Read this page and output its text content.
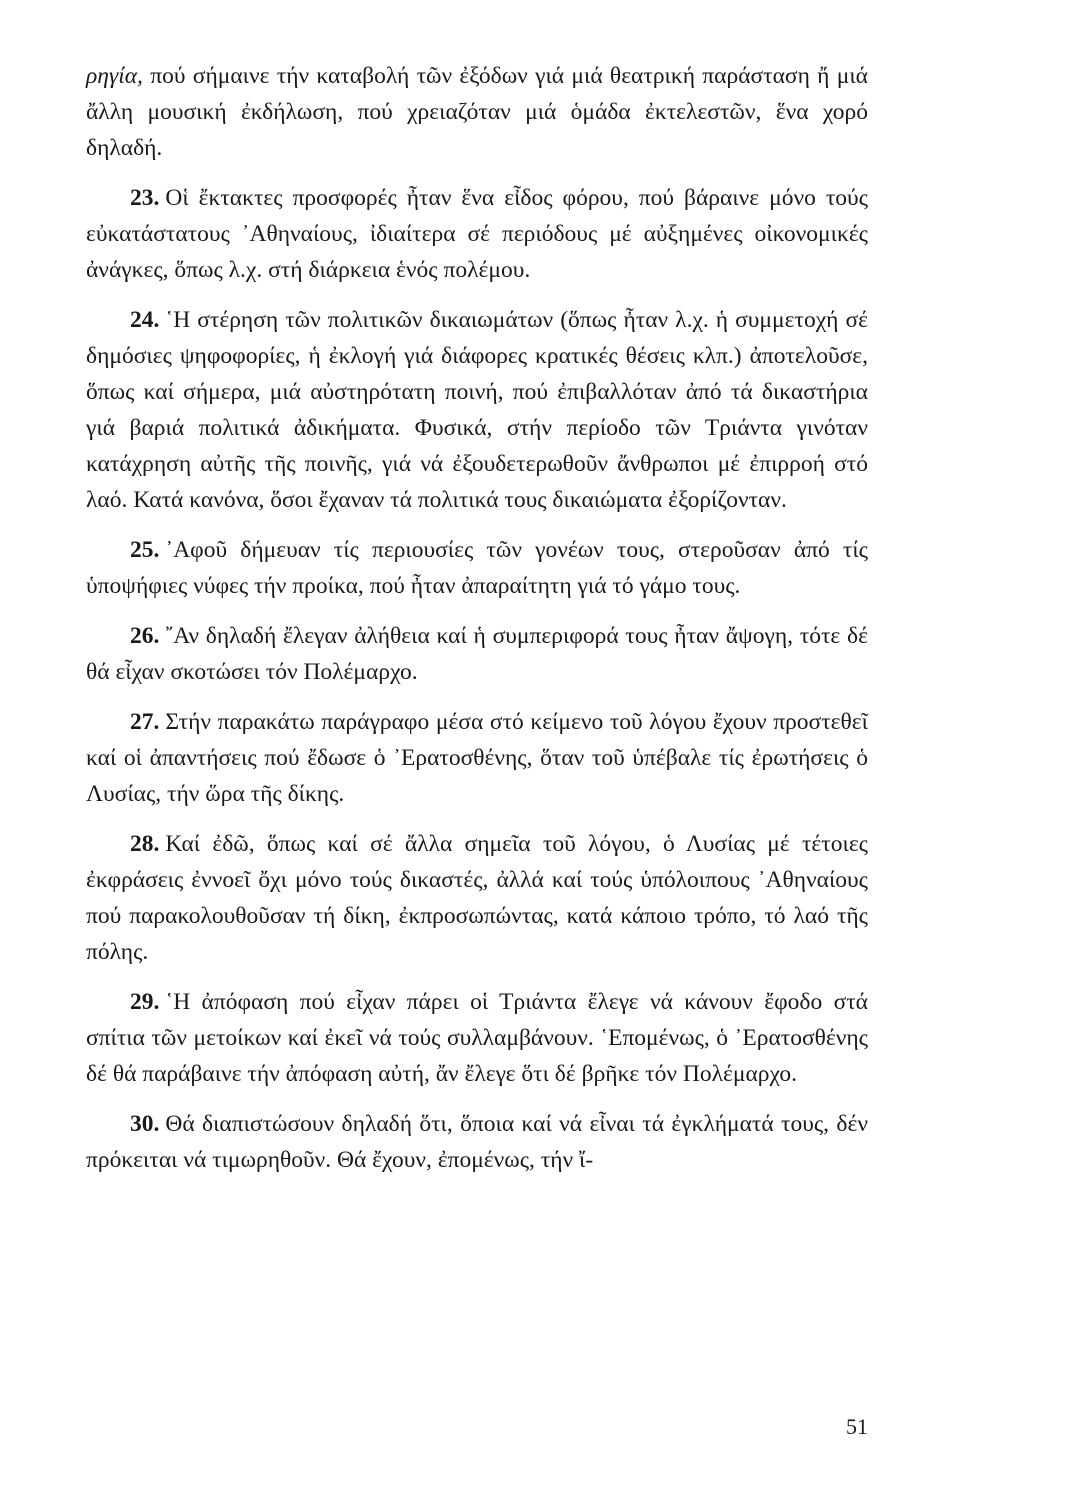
ρηγία, πού σήμαινε τήν καταβολή τῶν ἐξόδων γιά μιά θεατρική παράσταση ἤ μιά ἄλλη μουσική ἐκδήλωση, πού χρειαζόταν μιά ὁμάδα ἐκτελεστῶν, ἕνα χορό δηλαδή.

23. Οἱ ἔκτακτες προσφορές ἦταν ἕνα εἶδος φόρου, πού βάραινε μόνο τούς εὐκατάστατους ᾿Αθηναίους, ἰδιαίτερα σέ περιόδους μέ αὐξημένες οἰκονομικές ἀνάγκες, ὅπως λ.χ. στή διάρκεια ἑνός πολέμου.

24. ῾Η στέρηση τῶν πολιτικῶν δικαιωμάτων (ὅπως ἦταν λ.χ. ἡ συμμετοχή σέ δημόσιες ψηφοφορίες, ἡ ἐκλογή γιά διάφορες κρατικές θέσεις κλπ.) ἀποτελοῦσε, ὅπως καί σήμερα, μιά αὐστηρότατη ποινή, πού ἐπιβαλλόταν ἀπό τά δικαστήρια γιά βαριά πολιτικά ἀδικήματα. Φυσικά, στήν περίοδο τῶν Τριάντα γινόταν κατάχρηση αὐτῆς τῆς ποινῆς, γιά νά ἐξουδετερωθοῦν ἄνθρωποι μέ ἐπιρροή στό λαό. Κατά κανόνα, ὅσοι ἔχαναν τά πολιτικά τους δικαιώματα ἐξορίζονταν.

25. ᾿Αφοῦ δήμευαν τίς περιουσίες τῶν γονέων τους, στεροῦσαν ἀπό τίς ὑποψήφιες νύφες τήν προίκα, πού ἦταν ἀπαραίτητη γιά τό γάμο τους.

26. ῎Αν δηλαδή ἔλεγαν ἀλήθεια καί ἡ συμπεριφορά τους ἦταν ἄψογη, τότε δέ θά εἶχαν σκοτώσει τόν Πολέμαρχο.

27. Στήν παρακάτω παράγραφο μέσα στό κείμενο τοῦ λόγου ἔχουν προστεθεῖ καί οἱ ἀπαντήσεις πού ἔδωσε ὁ ᾿Ερατοσθένης, ὅταν τοῦ ὑπέβαλε τίς ἐρωτήσεις ὁ Λυσίας, τήν ὥρα τῆς δίκης.

28. Καί ἐδῶ, ὅπως καί σέ ἄλλα σημεῖα τοῦ λόγου, ὁ Λυσίας μέ τέτοιες ἐκφράσεις ἐννοεῖ ὄχι μόνο τούς δικαστές, ἀλλά καί τούς ὑπόλοιπους ᾿Αθηναίους πού παρακολουθοῦσαν τή δίκη, ἐκπροσωπώντας, κατά κάποιο τρόπο, τό λαό τῆς πόλης.

29. ῾Η ἀπόφαση πού εἶχαν πάρει οἱ Τριάντα ἔλεγε νά κάνουν ἔφοδο στά σπίτια τῶν μετοίκων καί ἐκεῖ νά τούς συλλαμβάνουν. ῾Επομένως, ὁ ᾿Ερατοσθένης δέ θά παράβαινε τήν ἀπόφαση αὐτή, ἄν ἔλεγε ὅτι δέ βρῆκε τόν Πολέμαρχο.

30. Θά διαπιστώσουν δηλαδή ὅτι, ὅποια καί νά εἶναι τά ἐγκλήματά τους, δέν πρόκειται νά τιμωρηθοῦν. Θά ἔχουν, ἐπομένως, τήν ἴ-

51
